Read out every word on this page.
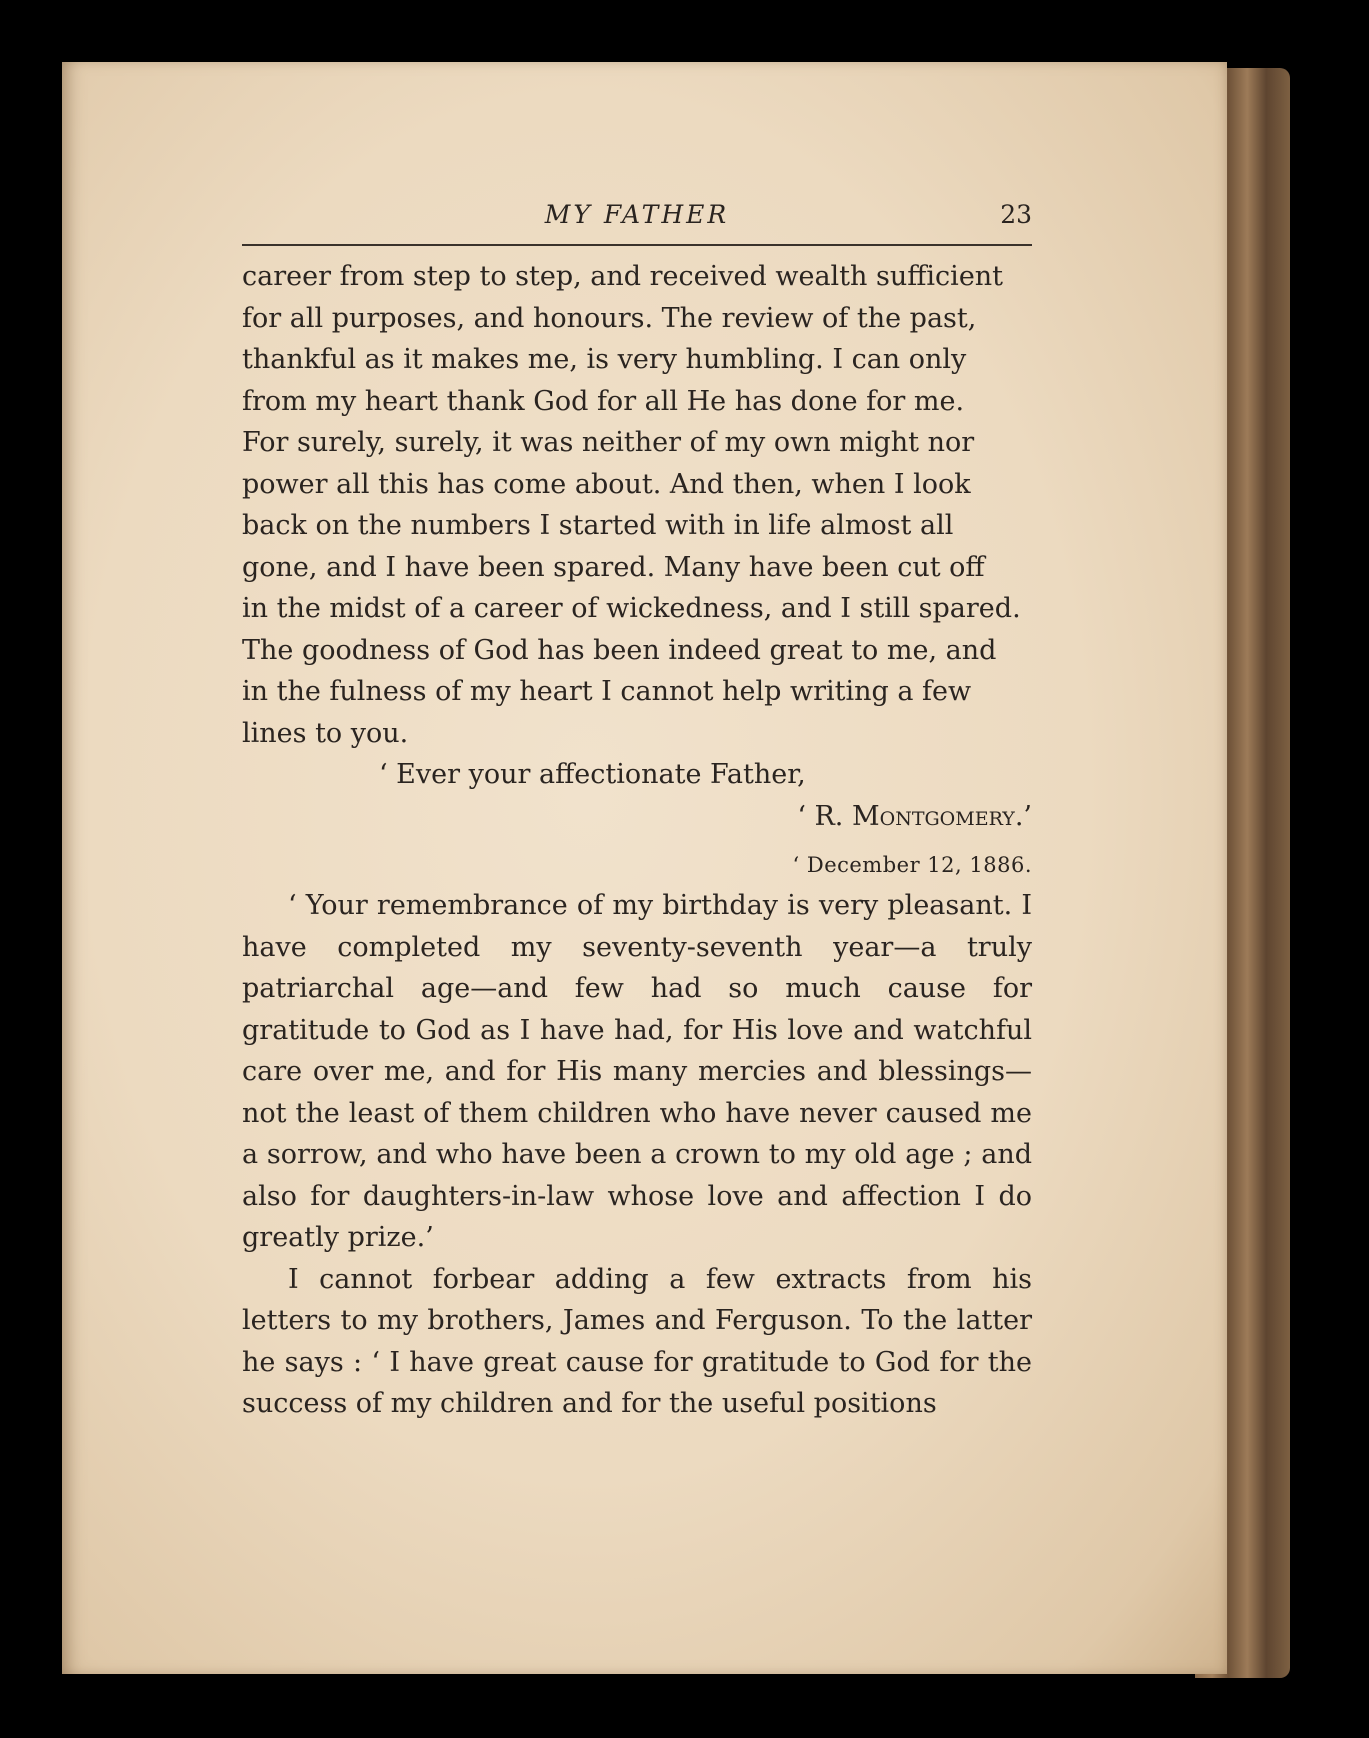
MY FATHER	23

career from step to step, and received wealth sufficient

for all purposes, and honours. The review of the past,

thankful as it makes me, is very humbling. I can only

from my heart thank God for all He has done for me.

For surely, surely, it was neither of my own might nor

power all this has come about. And then, when I look

back on the numbers I started with in life almost all

gone, and I have been spared. Many have been cut off

in the midst of a career of wickedness, and I still spared.

The goodness of God has been indeed great to me, and

in the fulness of my heart I cannot help writing a few

lines to you.

‘ Ever your affectionate Father,
‘ R. Montgomery.’
‘ December 12, 1886.

‘ Your remembrance of my birthday is very pleasant. I have completed my seventy-seventh year—a truly patriarchal age—and few had so much cause for gratitude to God as I have had, for His love and watchful care over me, and for His many mercies and blessings—not the least of them children who have never caused me a sorrow, and who have been a crown to my old age ; and also for daughters-in-law whose love and affection I do greatly prize.’

I cannot forbear adding a few extracts from his letters to my brothers, James and Ferguson. To the latter he says : ‘ I have great cause for gratitude to God for the success of my children and for the useful positions
